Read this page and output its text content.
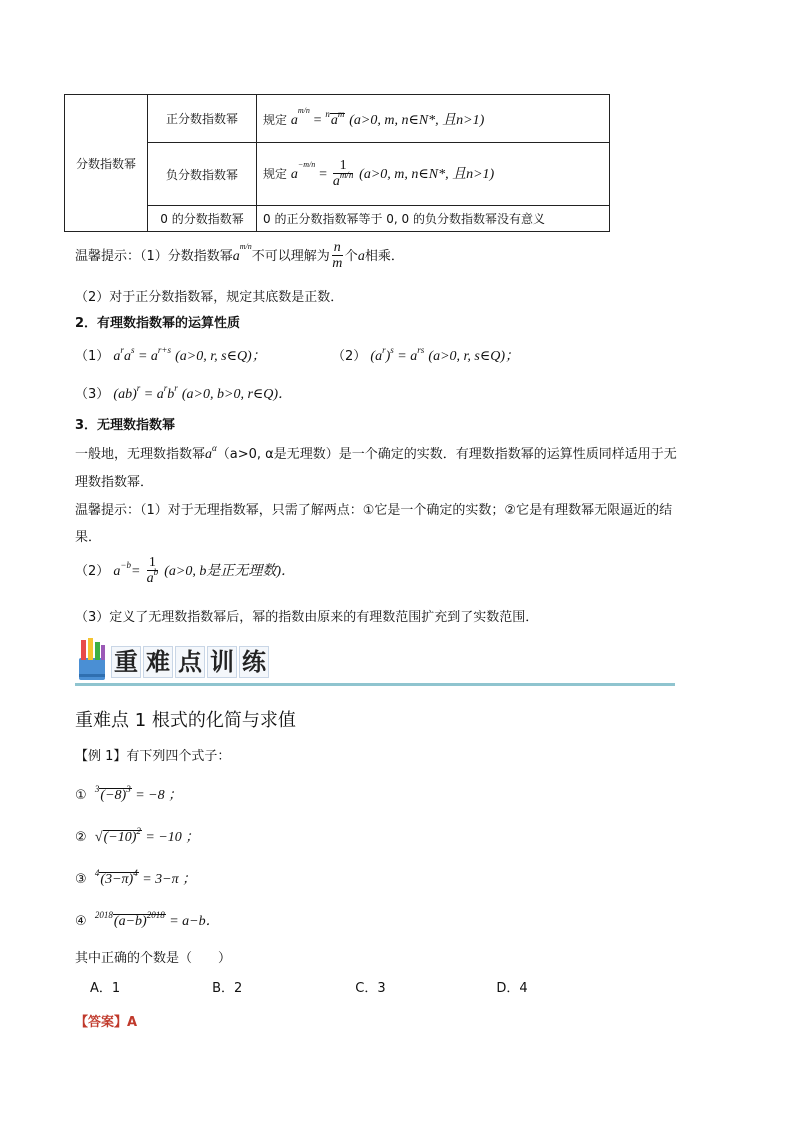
分数指数幂	正分数指数幂	规定 $a^{m/n} = ^na^m$ (a>0, m, n∈N*, 且n>1)
	负分数指数幂	规定 $a^{-m/n} = \frac{1}{a^{m/n}} (a>0$, m, n∈N*, 且n>1)
	0 的分数指数幂	0 的正分数指数幂等于 0, 0 的负分数指数幂没有意义
温馨提示：（1）分数指数幂$a^{m/n}$不可以理解为 $\frac{n}{m}$ 个a相乘．
（2）对于正分数指数幂，规定其底数是正数．
2．有理数指数幂的运算性质
（1） $a^ra^s = a^{r+s}$ (a>0, r, s∈Q)；	（2） $(a^r)^s = a^{rs}$ (a>0, r, s∈Q)；
（3） $(ab)^r = a^rb^r$ (a>0, b>0, r∈Q)．
3．无理数指数幂
一般地，无理数指数幂$a^\alpha(a>0$, α是无理数）是一个确定的实数．有理数指数幂的运算性质同样适用于无
理数指数幂．
温馨提示：（1）对于无理指数幂，只需了解两点：①它是一个确定的实数；②它是有理数幂无限逼近的结
果．
（2） $a^{-b}= \frac{1}{a^b} (a>0$, b是正无理数)．
（3）定义了无理数指数幂后，幂的指数由原来的有理数范围扩充到了实数范围．
重 难 点 训 练
重难点 1 根式的化简与求值
【例 1】有下列四个式子：
① $^3(-8)^3 = -8$ ；
② $√(-10)^2 = -10$ ；
③ $^4(3-\pi)^4 = 3-\pi$ ；
④ $^{2018}(a-b)^{2018} = a-b$．
其中正确的个数是（　　）
A．1	B．2	C．3	D．4
【答案】A
